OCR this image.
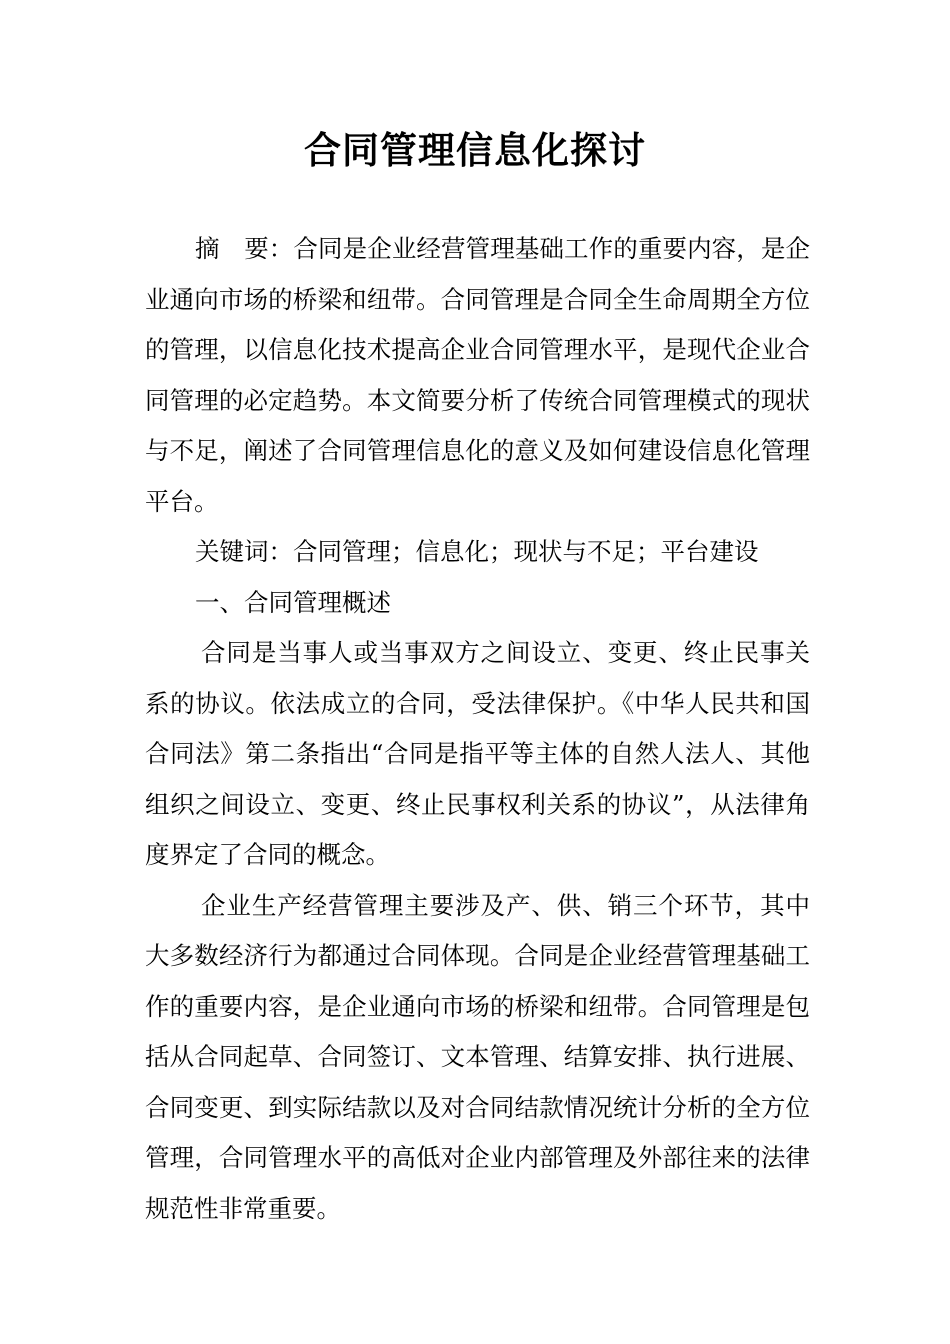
合同管理信息化探讨

摘　要：合同是企业经营管理基础工作的重要内容，是企业通向市场的桥梁和纽带。合同管理是合同全生命周期全方位的管理，以信息化技术提高企业合同管理水平，是现代企业合同管理的必定趋势。本文简要分析了传统合同管理模式的现状与不足，阐述了合同管理信息化的意义及如何建设信息化管理平台。

关键词：合同管理；信息化；现状与不足；平台建设

一、合同管理概述

合同是当事人或当事双方之间设立、变更、终止民事关系的协议。依法成立的合同，受法律保护。《中华人民共和国合同法》第二条指出“合同是指平等主体的自然人法人、其他组织之间设立、变更、终止民事权利关系的协议”，从法律角度界定了合同的概念。

企业生产经营管理主要涉及产、供、销三个环节，其中大多数经济行为都通过合同体现。合同是企业经营管理基础工作的重要内容，是企业通向市场的桥梁和纽带。合同管理是包括从合同起草、合同签订、文本管理、结算安排、执行进展、合同变更、到实际结款以及对合同结款情况统计分析的全方位管理，合同管理水平的高低对企业内部管理及外部往来的法律规范性非常重要。
